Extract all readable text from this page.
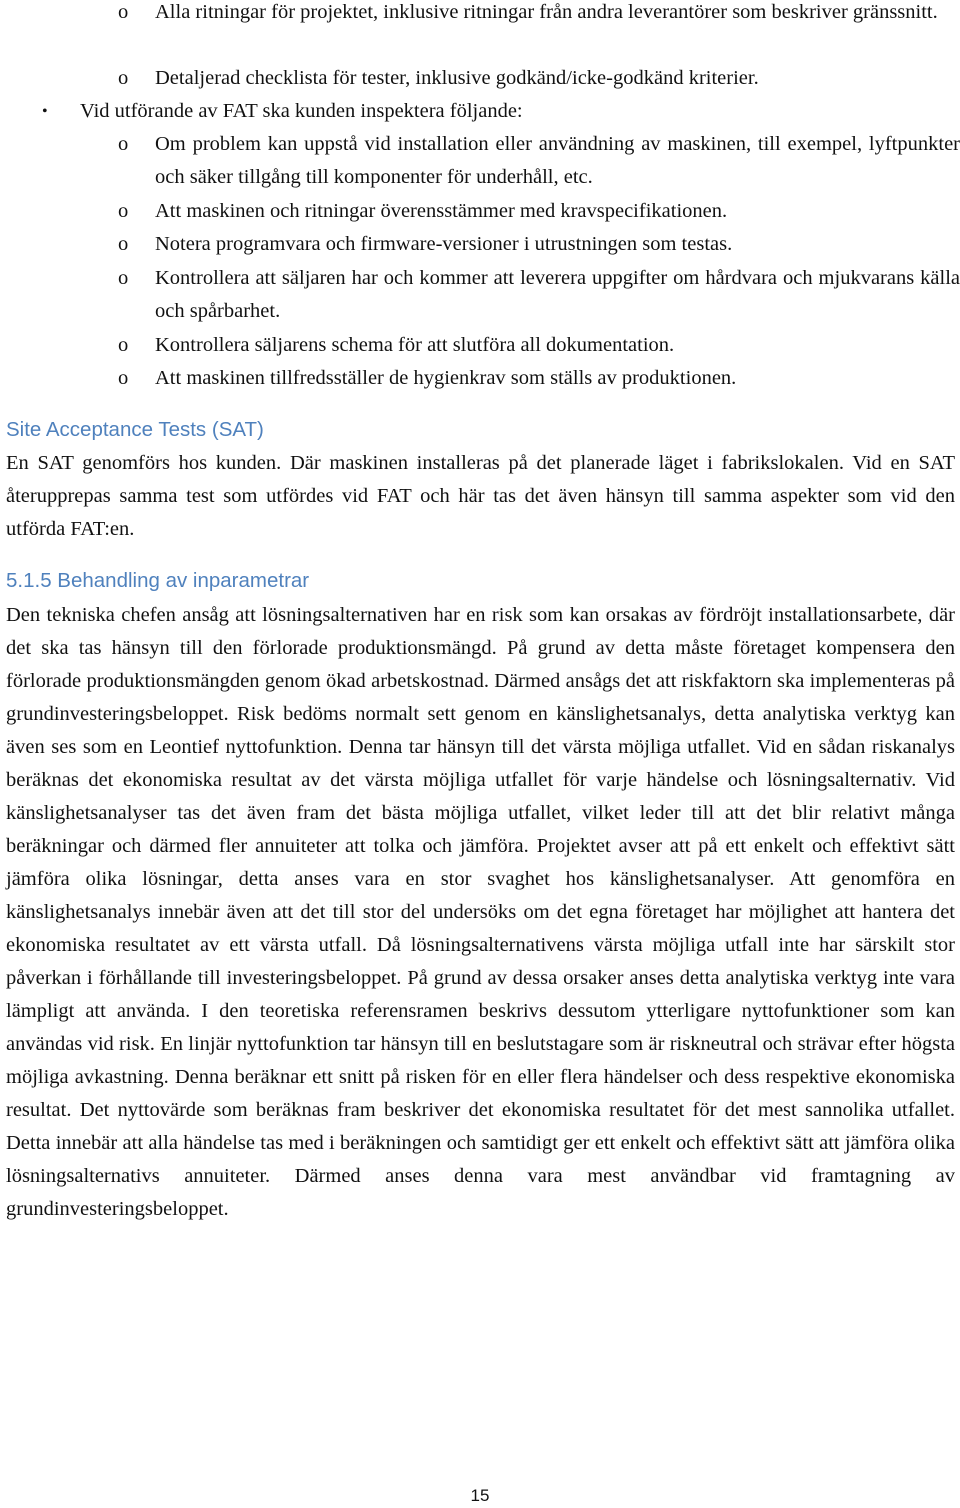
o Alla ritningar för projektet, inklusive ritningar från andra leverantörer som beskriver gränssnitt.
o Detaljerad checklista för tester, inklusive godkänd/icke-godkänd kriterier.
• Vid utförande av FAT ska kunden inspektera följande:
o Om problem kan uppstå vid installation eller användning av maskinen, till exempel, lyftpunkter och säker tillgång till komponenter för underhåll, etc.
o Att maskinen och ritningar överensstämmer med kravspecifikationen.
o Notera programvara och firmware-versioner i utrustningen som testas.
o Kontrollera att säljaren har och kommer att leverera uppgifter om hårdvara och mjukvarans källa och spårbarhet.
o Kontrollera säljarens schema för att slutföra all dokumentation.
o Att maskinen tillfredsställer de hygienkrav som ställs av produktionen.
Site Acceptance Tests (SAT)

En SAT genomförs hos kunden. Där maskinen installeras på det planerade läget i fabrikslokalen. Vid en SAT återupprepas samma test som utfördes vid FAT och här tas det även hänsyn till samma aspekter som vid den utförda FAT:en.

5.1.5 Behandling av inparametrar

Den tekniska chefen ansåg att lösningsalternativen har en risk som kan orsakas av fördröjt installationsarbete, där det ska tas hänsyn till den förlorade produktionsmängd. På grund av detta måste företaget kompensera den förlorade produktionsmängden genom ökad arbetskostnad. Därmed ansågs det att riskfaktorn ska implementeras på grundinvesteringsbeloppet. Risk bedöms normalt sett genom en känslighetsanalys, detta analytiska verktyg kan även ses som en Leontief nyttofunktion. Denna tar hänsyn till det värsta möjliga utfallet. Vid en sådan riskanalys beräknas det ekonomiska resultat av det värsta möjliga utfallet för varje händelse och lösningsalternativ. Vid känslighetsanalyser tas det även fram det bästa möjliga utfallet, vilket leder till att det blir relativt många beräkningar och därmed fler annuiteter att tolka och jämföra. Projektet avser att på ett enkelt och effektivt sätt jämföra olika lösningar, detta anses vara en stor svaghet hos känslighetsanalyser. Att genomföra en känslighetsanalys innebär även att det till stor del undersöks om det egna företaget har möjlighet att hantera det ekonomiska resultatet av ett värsta utfall. Då lösningsalternativens värsta möjliga utfall inte har särskilt stor påverkan i förhållande till investeringsbeloppet. På grund av dessa orsaker anses detta analytiska verktyg inte vara lämpligt att använda. I den teoretiska referensramen beskrivs dessutom ytterligare nyttofunktioner som kan användas vid risk. En linjär nyttofunktion tar hänsyn till en beslutstagare som är riskneutral och strävar efter högsta möjliga avkastning. Denna beräknar ett snitt på risken för en eller flera händelser och dess respektive ekonomiska resultat. Det nyttovärde som beräknas fram beskriver det ekonomiska resultatet för det mest sannolika utfallet. Detta innebär att alla händelse tas med i beräkningen och samtidigt ger ett enkelt och effektivt sätt att jämföra olika lösningsalternativs annuiteter. Därmed anses denna vara mest användbar vid framtagning av grundinvesteringsbeloppet.

15
